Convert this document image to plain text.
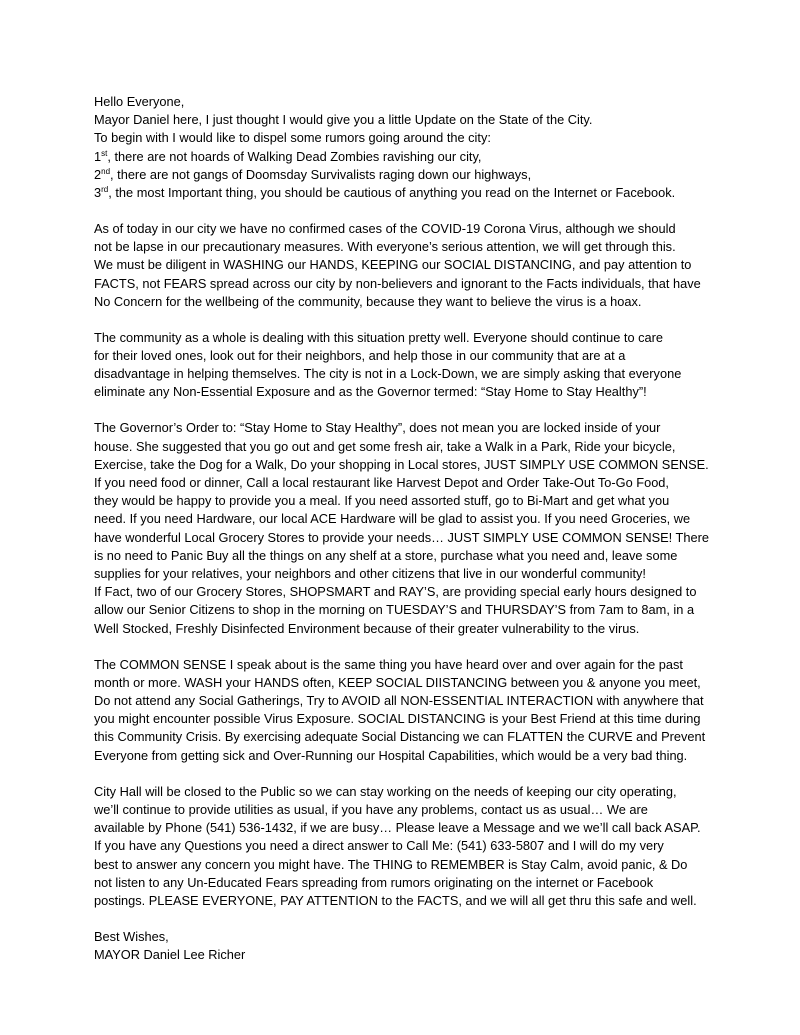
Hello Everyone,
Mayor Daniel here, I just thought I would give you a little Update on the State of the City.
To begin with I would like to dispel some rumors going around the city:
1st, there are not hoards of Walking Dead Zombies ravishing our city,
2nd, there are not gangs of Doomsday Survivalists raging down our highways,
3rd, the most Important thing, you should be cautious of anything you read on the Internet or Facebook.
As of today in our city we have no confirmed cases of the COVID-19 Corona Virus, although we should
not be lapse in our precautionary measures. With everyone’s serious attention, we will get through this.
We must be diligent in WASHING our HANDS, KEEPING our SOCIAL DISTANCING, and pay attention to
FACTS, not FEARS spread across our city by non-believers and ignorant to the Facts individuals, that have
No Concern for the wellbeing of the community, because they want to believe the virus is a hoax.
The community as a whole is dealing with this situation pretty well. Everyone should continue to care
for their loved ones, look out for their neighbors, and help those in our community that are at a
disadvantage in helping themselves. The city is not in a Lock-Down, we are simply asking that everyone
eliminate any Non-Essential Exposure and as the Governor termed: “Stay Home to Stay Healthy”!
The Governor’s Order to: “Stay Home to Stay Healthy”, does not mean you are locked inside of your
house. She suggested that you go out and get some fresh air, take a Walk in a Park, Ride your bicycle,
Exercise, take the Dog for a Walk, Do your shopping in Local stores, JUST SIMPLY USE COMMON SENSE.
If you need food or dinner, Call a local restaurant like Harvest Depot and Order Take-Out To-Go Food,
they would be happy to provide you a meal. If you need assorted stuff, go to Bi-Mart and get what you
need. If you need Hardware, our local ACE Hardware will be glad to assist you. If you need Groceries, we
have wonderful Local Grocery Stores to provide your needs… JUST SIMPLY USE COMMON SENSE! There
is no need to Panic Buy all the things on any shelf at a store, purchase what you need and, leave some
supplies for your relatives, your neighbors and other citizens that live in our wonderful community!
If Fact, two of our Grocery Stores, SHOPSMART and RAY’S, are providing special early hours designed to
allow our Senior Citizens to shop in the morning on TUESDAY’S and THURSDAY’S from 7am to 8am, in a
Well Stocked, Freshly Disinfected Environment because of their greater vulnerability to the virus.
The COMMON SENSE I speak about is the same thing you have heard over and over again for the past
month or more. WASH your HANDS often, KEEP SOCIAL DIISTANCING between you & anyone you meet,
Do not attend any Social Gatherings, Try to AVOID all NON-ESSENTIAL INTERACTION with anywhere that
you might encounter possible Virus Exposure. SOCIAL DISTANCING is your Best Friend at this time during
this Community Crisis. By exercising adequate Social Distancing we can FLATTEN the CURVE and Prevent
Everyone from getting sick and Over-Running our Hospital Capabilities, which would be a very bad thing.
City Hall will be closed to the Public so we can stay working on the needs of keeping our city operating,
we’ll continue to provide utilities as usual, if you have any problems, contact us as usual… We are
available by Phone (541) 536-1432, if we are busy… Please leave a Message and we we’ll call back ASAP.
If you have any Questions you need a direct answer to Call Me: (541) 633-5807 and I will do my very
best to answer any concern you might have. The THING to REMEMBER is Stay Calm, avoid panic, & Do
not listen to any Un-Educated Fears spreading from rumors originating on the internet or Facebook
postings. PLEASE EVERYONE, PAY ATTENTION to the FACTS, and we will all get thru this safe and well.
Best Wishes,
MAYOR Daniel Lee Richer
